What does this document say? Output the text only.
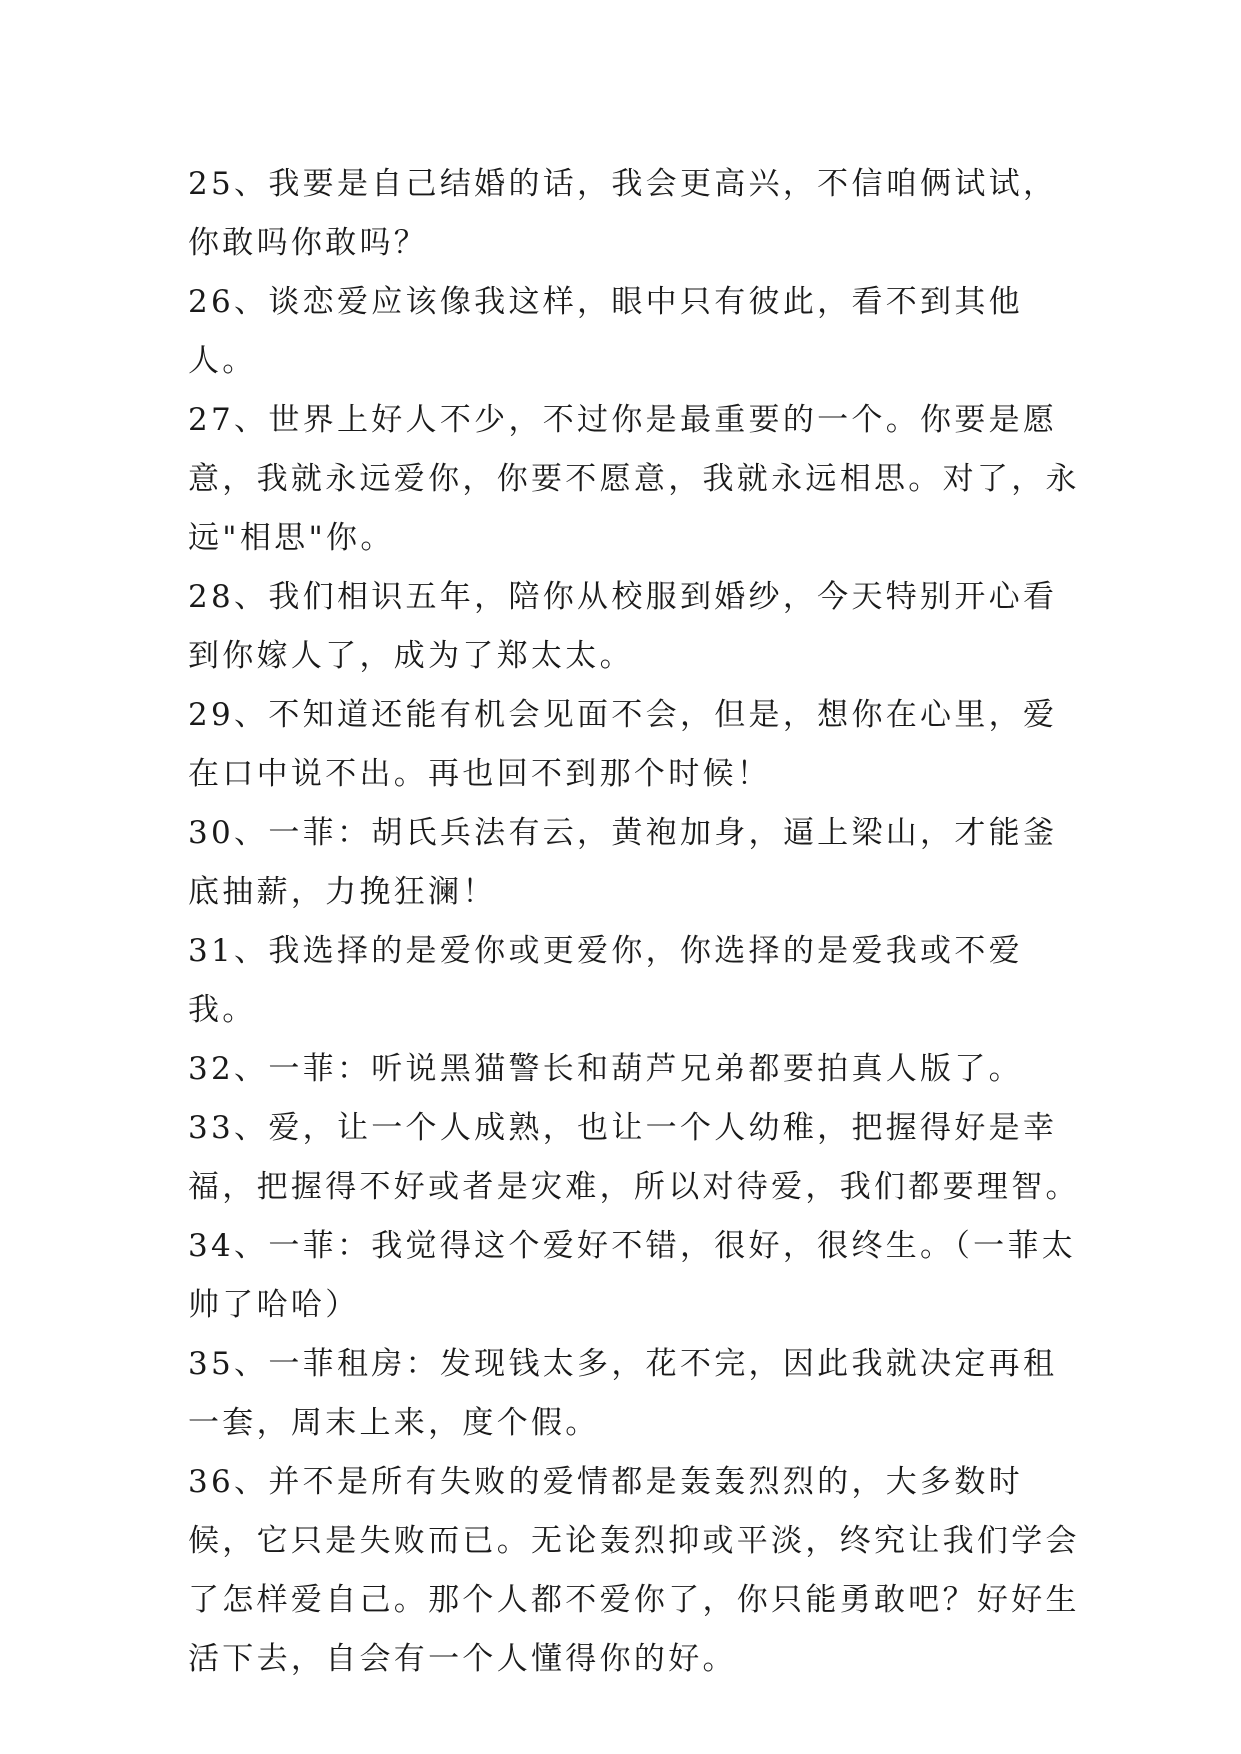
25、我要是自己结婚的话，我会更高兴，不信咱俩试试，你敢吗你敢吗？

26、谈恋爱应该像我这样，眼中只有彼此，看不到其他人。

27、世界上好人不少，不过你是最重要的一个。你要是愿意，我就永远爱你，你要不愿意，我就永远相思。对了，永远"相思"你。

28、我们相识五年，陪你从校服到婚纱，今天特别开心看到你嫁人了，成为了郑太太。

29、不知道还能有机会见面不会，但是，想你在心里，爱在口中说不出。再也回不到那个时候！

30、一菲：胡氏兵法有云，黄袍加身，逼上梁山，才能釜底抽薪，力挽狂澜！

31、我选择的是爱你或更爱你，你选择的是爱我或不爱我。

32、一菲：听说黑猫警长和葫芦兄弟都要拍真人版了。

33、爱，让一个人成熟，也让一个人幼稚，把握得好是幸福，把握得不好或者是灾难，所以对待爱，我们都要理智。

34、一菲：我觉得这个爱好不错，很好，很终生。（一菲太帅了哈哈）

35、一菲租房：发现钱太多，花不完，因此我就决定再租一套，周末上来，度个假。

36、并不是所有失败的爱情都是轰轰烈烈的，大多数时候，它只是失败而已。无论轰烈抑或平淡，终究让我们学会了怎样爱自己。那个人都不爱你了，你只能勇敢吧？好好生活下去，自会有一个人懂得你的好。
